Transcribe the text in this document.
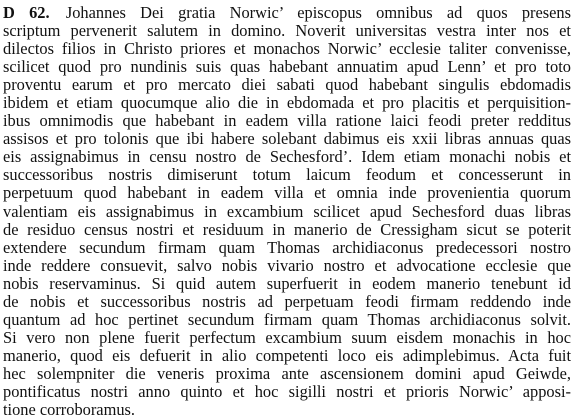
D 62. Johannes Dei gratia Norwic’ episcopus omnibus ad quos presens
scriptum pervenerit salutem in domino. Noverit universitas vestra inter nos et
dilectos filios in Christo priores et monachos Norwic’ ecclesie taliter convenisse,
scilicet quod pro nundinis suis quas habebant annuatim apud Lenn’ et pro toto
proventu earum et pro mercato diei sabati quod habebant singulis ebdomadis
ibidem et etiam quocumque alio die in ebdomada et pro placitis et perquisition-
ibus omnimodis que habebant in eadem villa ratione laici feodi preter redditus
assisos et pro tolonis que ibi habere solebant dabimus eis xxii libras annuas quas
eis assignabimus in censu nostro de Sechesford’. Idem etiam monachi nobis et
successoribus nostris dimiserunt totum laicum feodum et concesserunt in
perpetuum quod habebant in eadem villa et omnia inde provenientia quorum
valentiam eis assignabimus in excambium scilicet apud Sechesford duas libras
de residuo census nostri et residuum in manerio de Cressigham sicut se poterit
extendere secundum firmam quam Thomas archidiaconus predecessori nostro
inde reddere consuevit, salvo nobis vivario nostro et advocatione ecclesie que
nobis reservaminus. Si quid autem superfuerit in eodem manerio tenebunt id
de nobis et successoribus nostris ad perpetuam feodi firmam reddendo inde
quantum ad hoc pertinet secundum firmam quam Thomas archidiaconus solvit.
Si vero non plene fuerit perfectum excambium suum eisdem monachis in hoc
manerio, quod eis defuerit in alio competenti loco eis adimplebimus. Acta fuit
hec solempniter die veneris proxima ante ascensionem domini apud Geiwde,
pontificatus nostri anno quinto et hoc sigilli nostri et prioris Norwic’ apposi-
tione corroboramus.
